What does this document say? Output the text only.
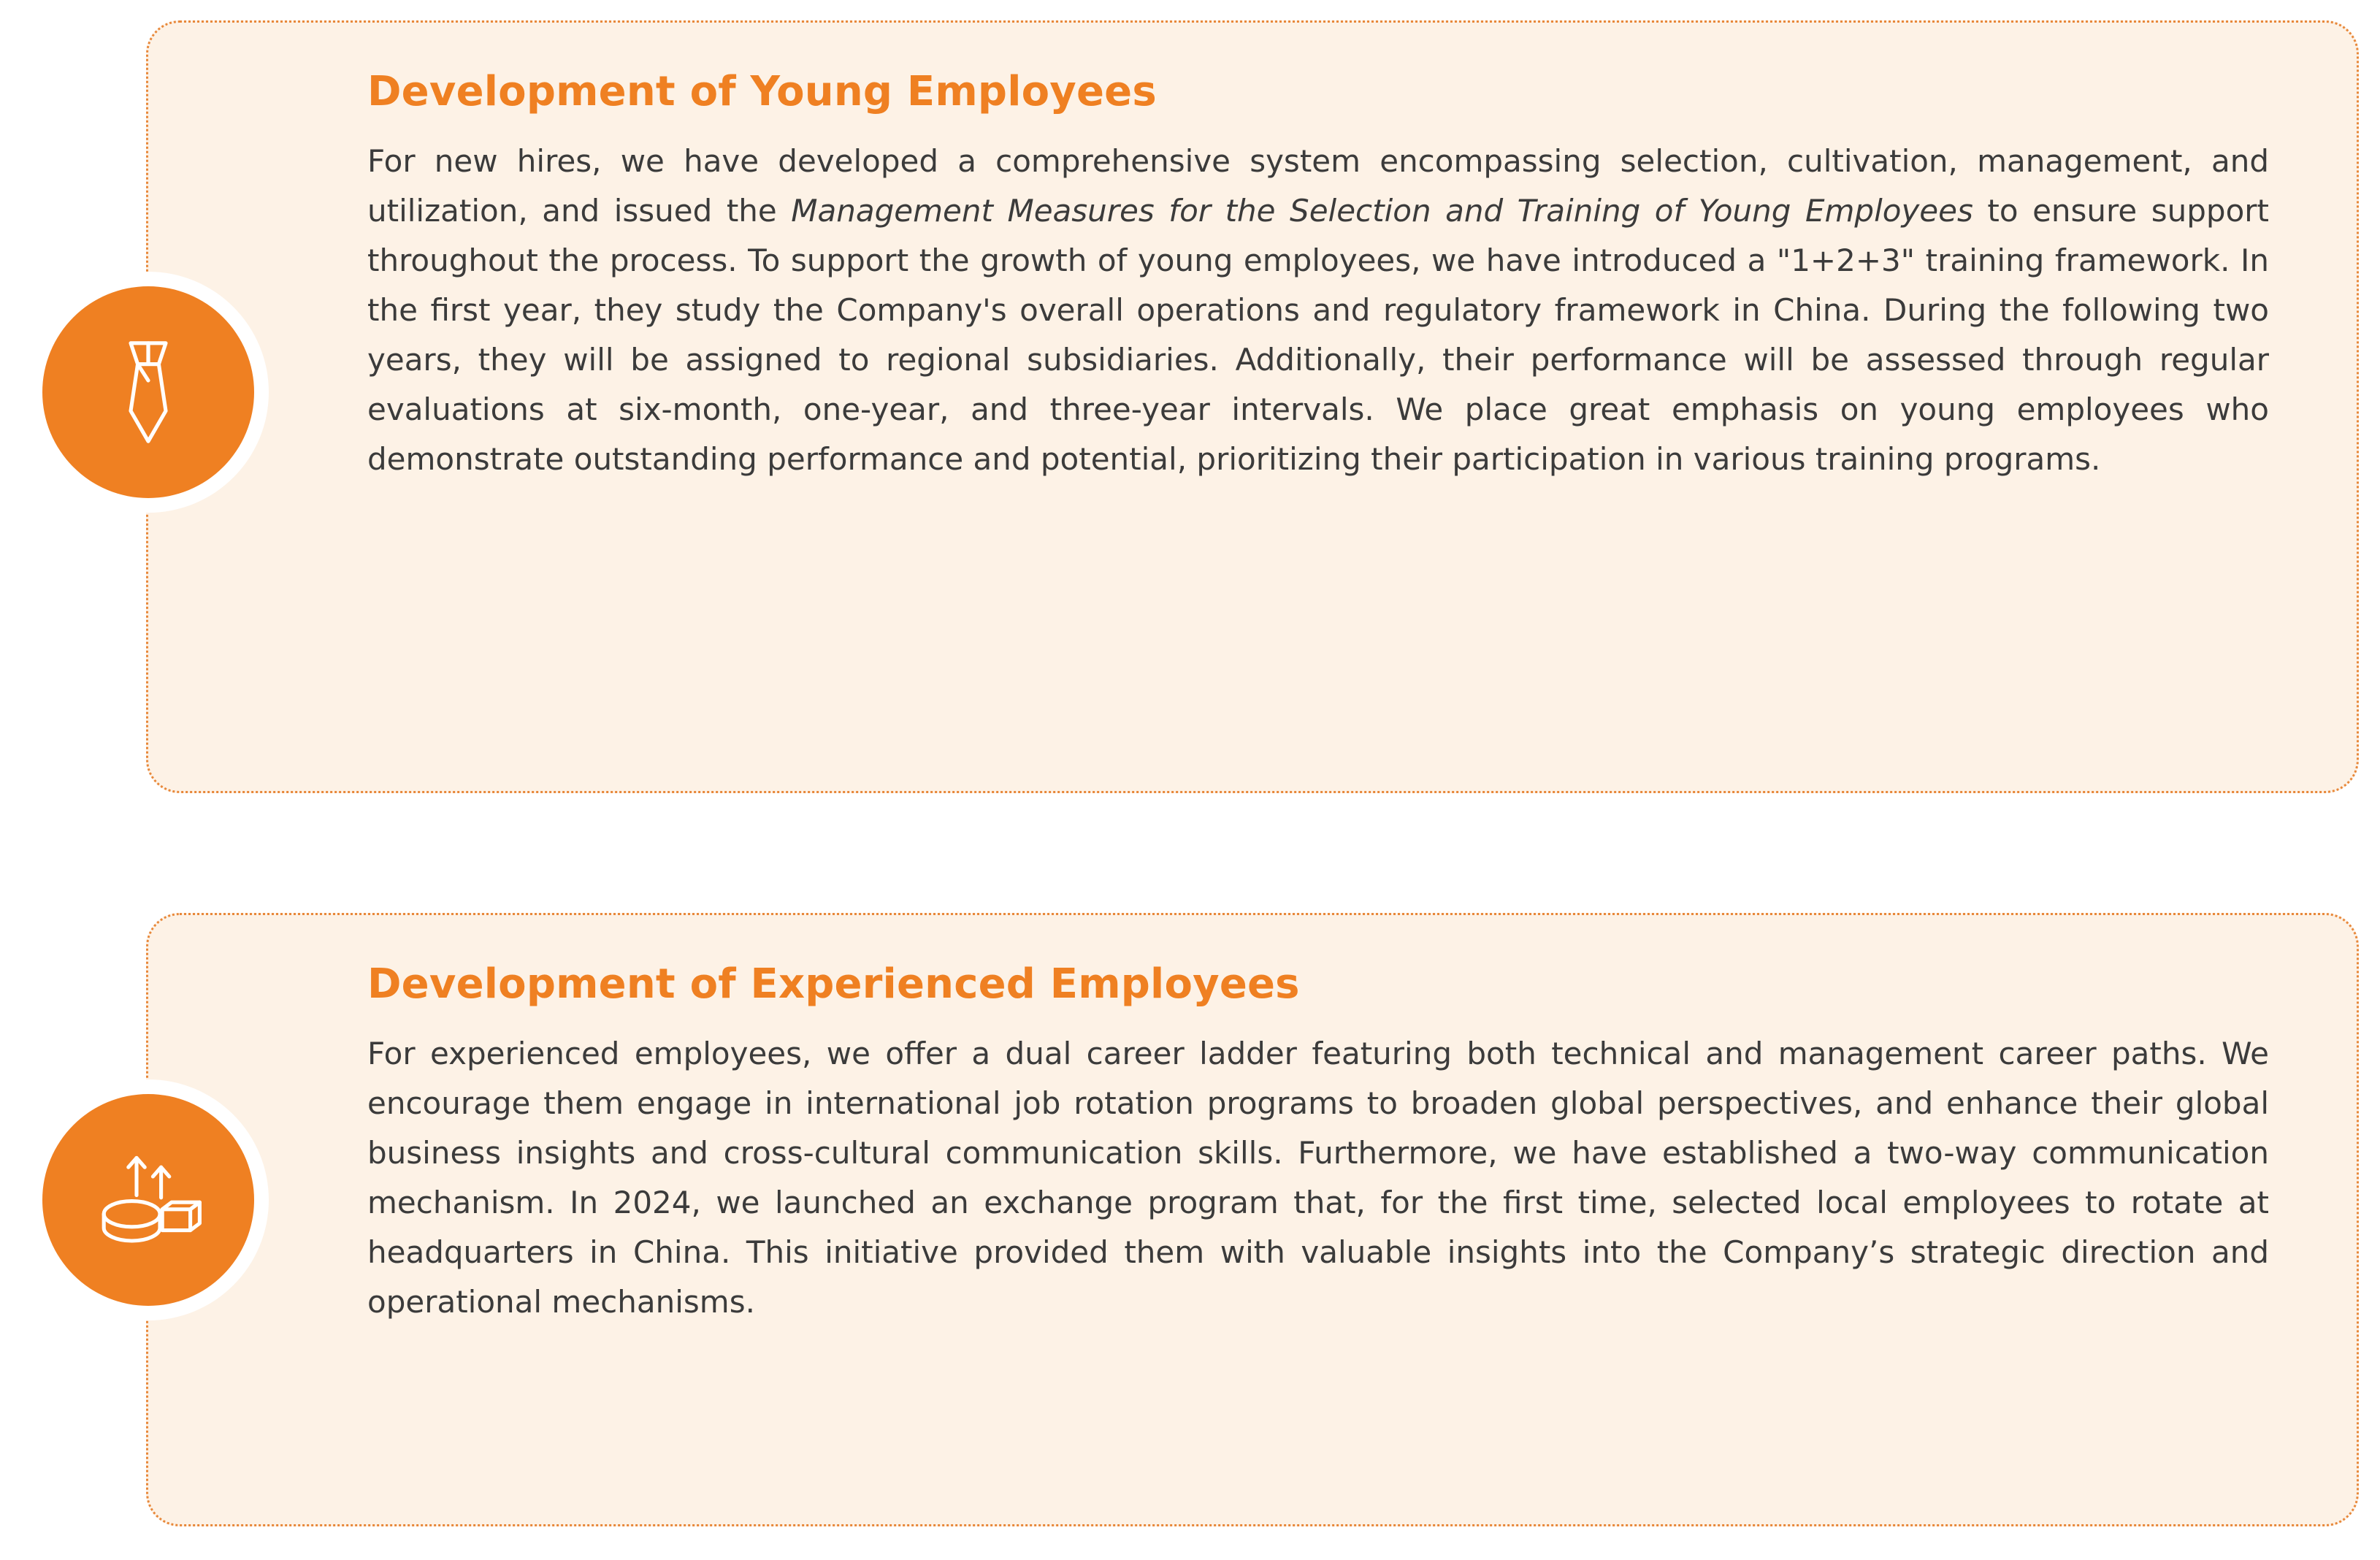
Development of Young Employees

For new hires, we have developed a comprehensive system encompassing selection, cultivation, management, and utilization, and issued the Management Measures for the Selection and Training of Young Employees to ensure support throughout the process. To support the growth of young employees, we have introduced a "1+2+3" training framework. In the first year, they study the Company's overall operations and regulatory framework in China. During the following two years, they will be assigned to regional subsidiaries. Additionally, their performance will be assessed through regular evaluations at six-month, one-year, and three-year intervals. We place great emphasis on young employees who demonstrate outstanding performance and potential, prioritizing their participation in various training programs.

Development of Experienced Employees

For experienced employees, we offer a dual career ladder featuring both technical and management career paths. We encourage them engage in international job rotation programs to broaden global perspectives, and enhance their global business insights and cross-cultural communication skills. Furthermore, we have established a two-way communication mechanism. In 2024, we launched an exchange program that, for the first time, selected local employees to rotate at headquarters in China. This initiative provided them with valuable insights into the Company’s strategic direction and operational mechanisms.
